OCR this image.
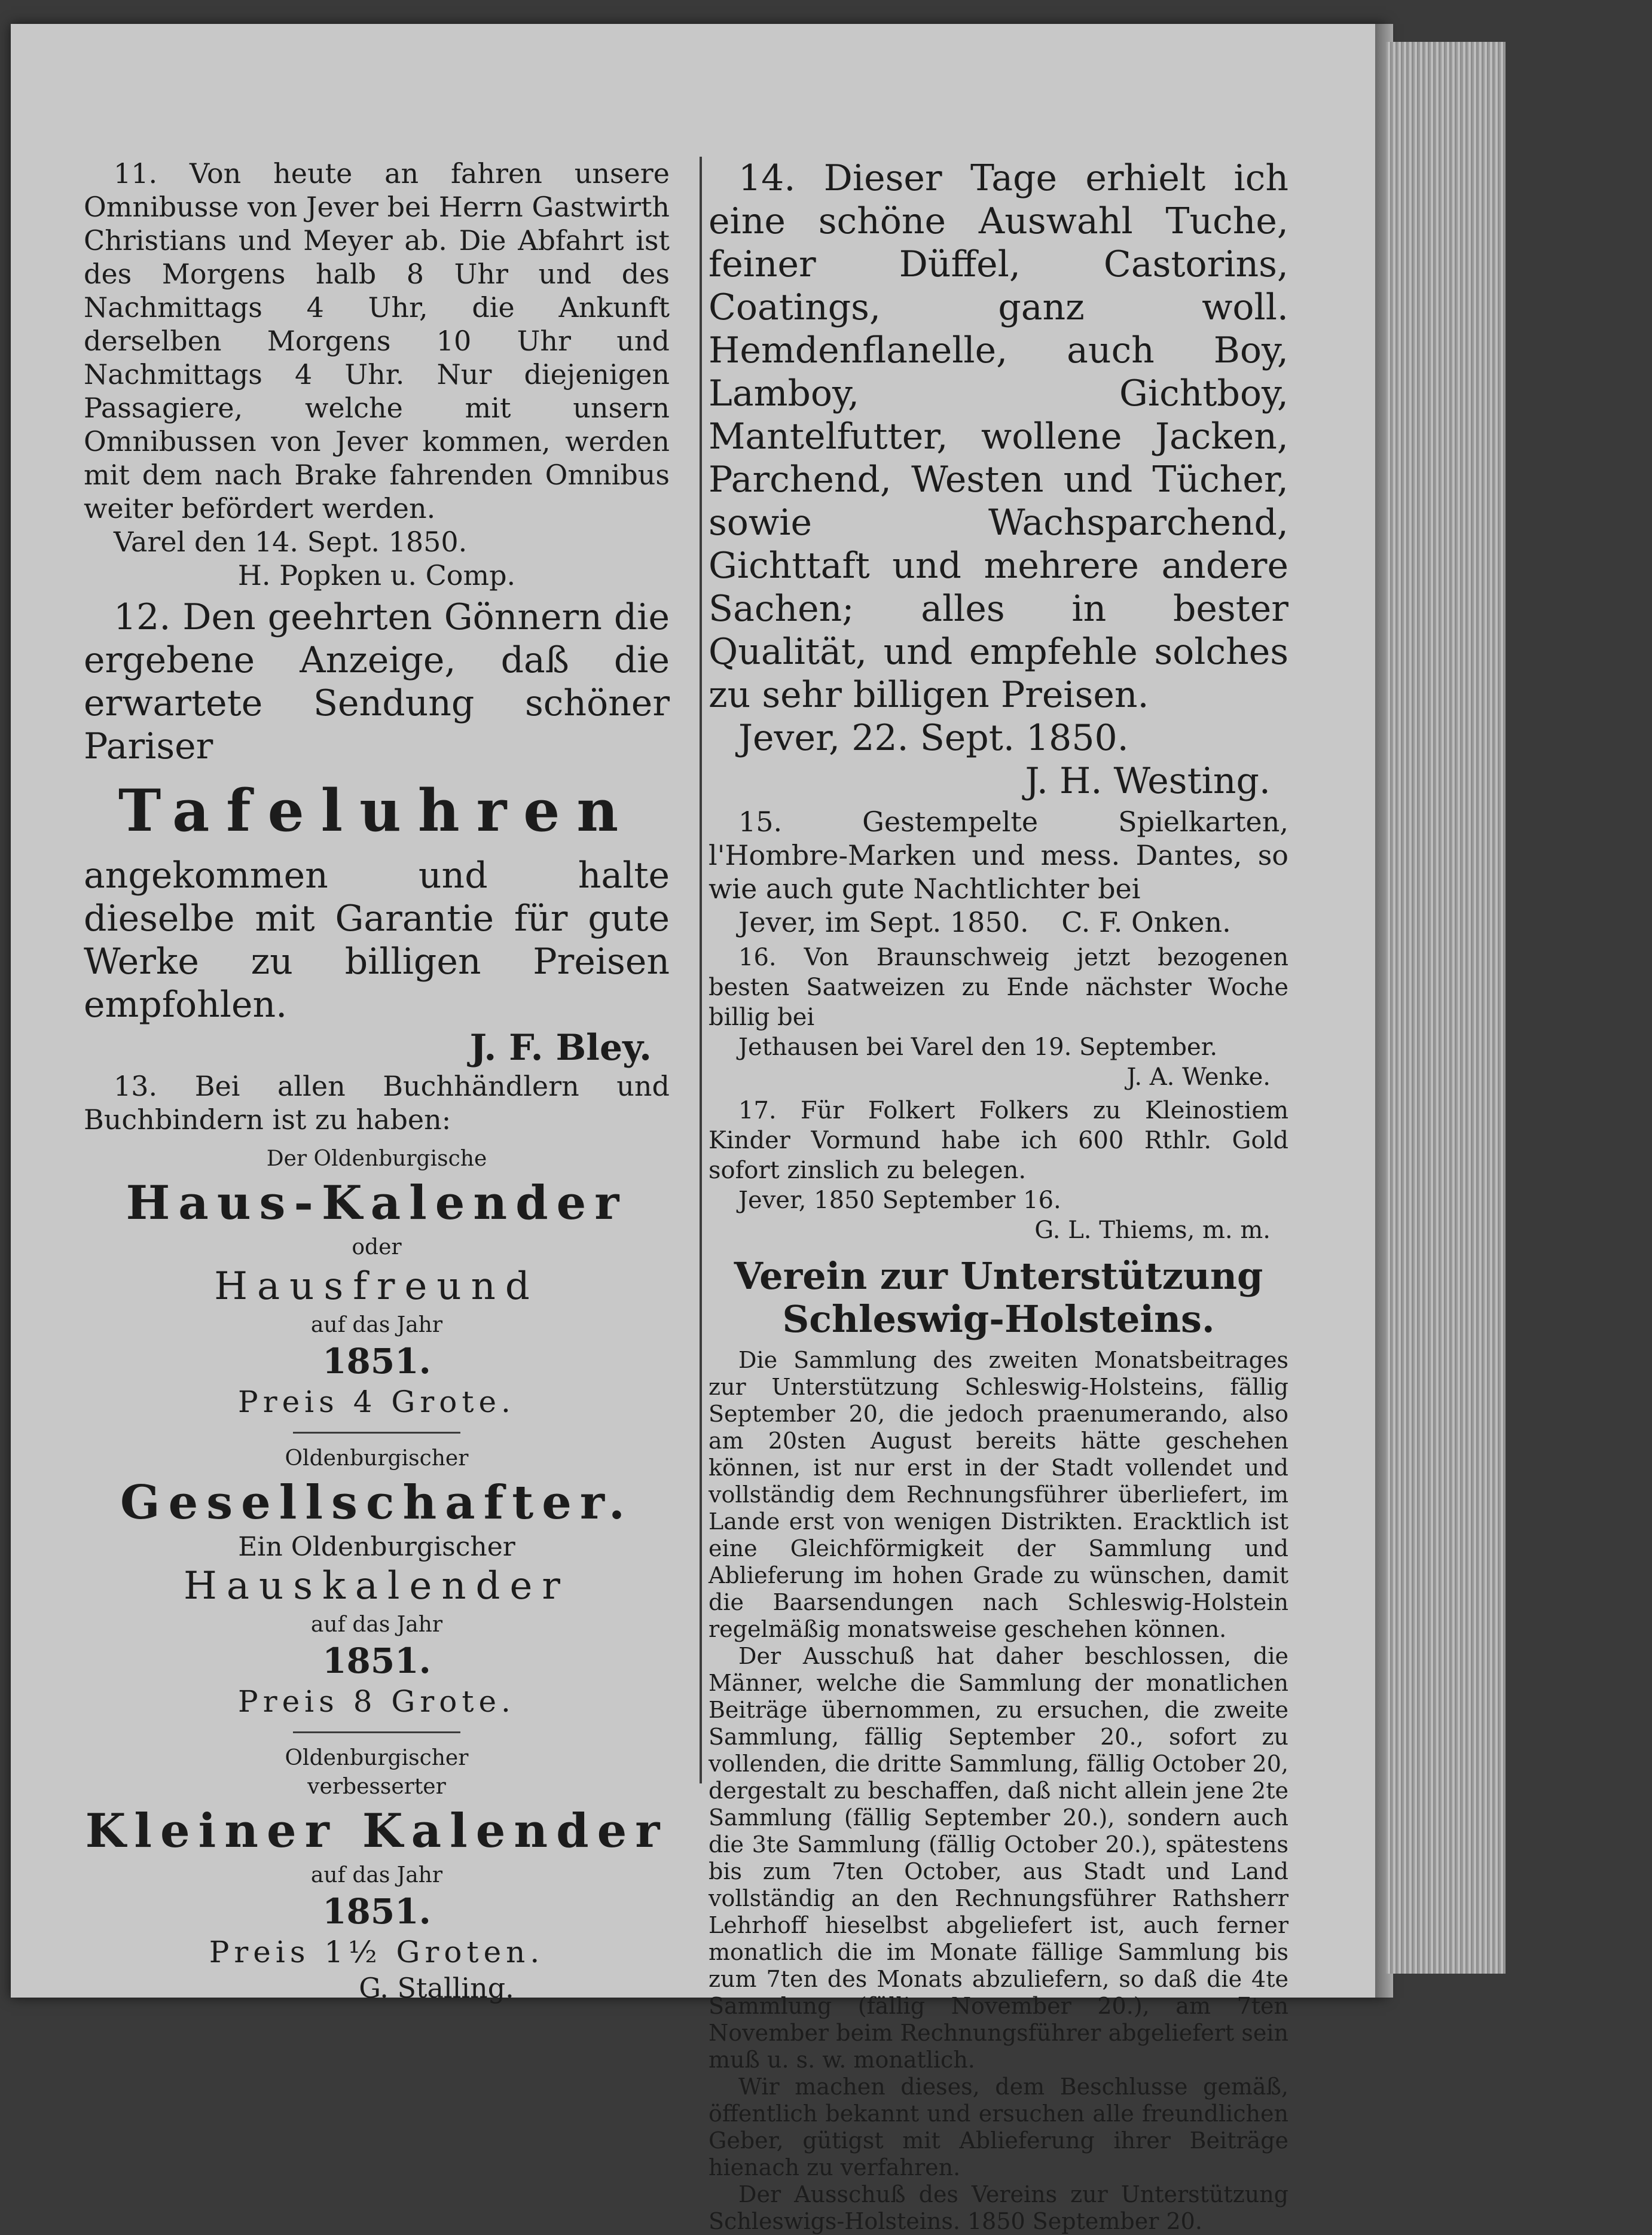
11. Von heute an fahren unsere Omnibusse von Jever bei Herrn Gastwirth Christians und Meyer ab. Die Abfahrt ist des Morgens halb 8 Uhr und des Nachmittags 4 Uhr, die Ankunft derselben Morgens 10 Uhr und Nachmittags 4 Uhr. Nur diejenigen Passagiere, welche mit unsern Omnibussen von Jever kommen, werden mit dem nach Brake fahrenden Omnibus weiter befördert werden.

Varel den 14. Sept. 1850.

H. Popken u. Comp.

12. Den geehrten Gönnern die ergebene Anzeige, daß die erwartete Sendung schöner Pariser

Tafeluhren

angekommen und halte dieselbe mit Garantie für gute Werke zu billigen Preisen empfohlen.

J. F. Bley.

13. Bei allen Buchhändlern und Buchbindern ist zu haben:

Der Oldenburgische

Haus-Kalender

oder

Hausfreund

auf das Jahr

1851.

Preis 4 Grote.

Oldenburgischer

Gesellschafter.

Ein Oldenburgischer

Hauskalender

auf das Jahr

1851.

Preis 8 Grote.

Oldenburgischer

verbesserter

Kleiner Kalender

auf das Jahr

1851.

Preis 1½ Groten.

G. Stalling.

14. Dieser Tage erhielt ich eine schöne Auswahl Tuche, feiner Düffel, Castorins, Coatings, ganz woll. Hemdenflanelle, auch Boy, Lamboy, Gichtboy, Mantelfutter, wollene Jacken, Parchend, Westen und Tücher, sowie Wachsparchend, Gichttaft und mehrere andere Sachen; alles in bester Qualität, und empfehle solches zu sehr billigen Preisen.

Jever, 22. Sept. 1850.

J. H. Westing.

15. Gestempelte Spielkarten, l'Hombre-Marken und mess. Dantes, so wie auch gute Nachtlichter bei

Jever, im Sept. 1850. C. F. Onken.

16. Von Braunschweig jetzt bezogenen besten Saatweizen zu Ende nächster Woche billig bei

Jethausen bei Varel den 19. September.

J. A. Wenke.

17. Für Folkert Folkers zu Kleinostiem Kinder Vormund habe ich 600 Rthlr. Gold sofort zinslich zu belegen.

Jever, 1850 September 16.

G. L. Thiems, m. m.

Verein zur Unterstützung Schleswig-Holsteins.

Die Sammlung des zweiten Monatsbeitrages zur Unterstützung Schleswig-Holsteins, fällig September 20, die jedoch praenumerando, also am 20sten August bereits hätte geschehen können, ist nur erst in der Stadt vollendet und vollständig dem Rechnungsführer überliefert, im Lande erst von wenigen Distrikten. Eracktlich ist eine Gleichförmigkeit der Sammlung und Ablieferung im hohen Grade zu wünschen, damit die Baarsendungen nach Schleswig-Holstein regelmäßig monatsweise geschehen können.

Der Ausschuß hat daher beschlossen, die Männer, welche die Sammlung der monatlichen Beiträge übernommen, zu ersuchen, die zweite Sammlung, fällig September 20., sofort zu vollenden, die dritte Sammlung, fällig October 20, dergestalt zu beschaffen, daß nicht allein jene 2te Sammlung (fällig September 20.), sondern auch die 3te Sammlung (fällig October 20.), spätestens bis zum 7ten October, aus Stadt und Land vollständig an den Rechnungsführer Rathsherr Lehrhoff hieselbst abgeliefert ist, auch ferner monatlich die im Monate fällige Sammlung bis zum 7ten des Monats abzuliefern, so daß die 4te Sammlung (fällig November 20.), am 7ten November beim Rechnungsführer abgeliefert sein muß u. s. w. monatlich.

Wir machen dieses, dem Beschlusse gemäß, öffentlich bekannt und ersuchen alle freundlichen Geber, gütigst mit Ablieferung ihrer Beiträge hienach zu verfahren.

Der Ausschuß des Vereins zur Unterstützung Schleswigs-Holsteins. 1850 September 20.
